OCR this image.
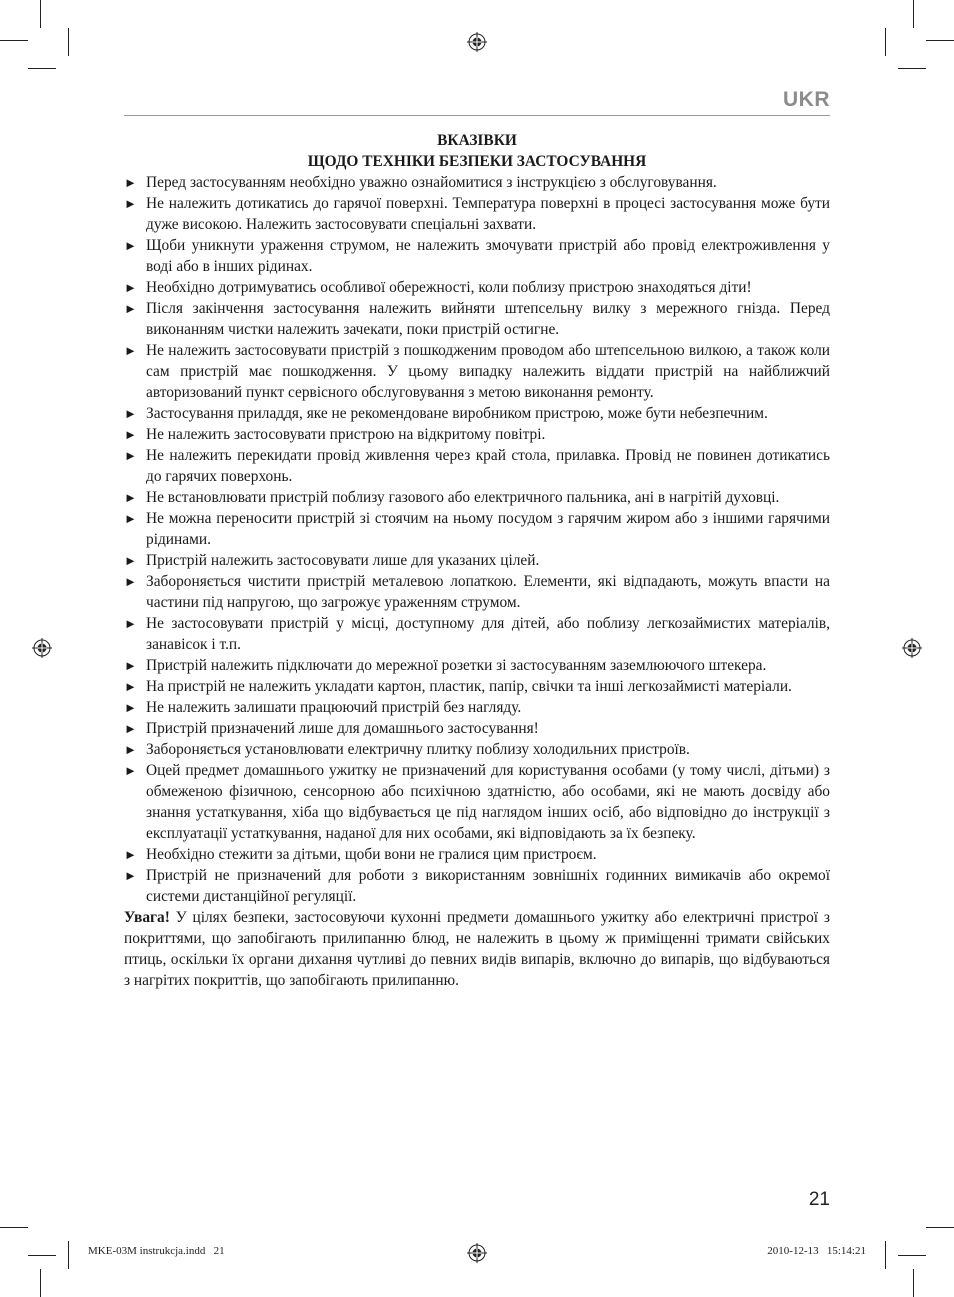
UKR
ВКАЗІВКИ
ЩОДО ТЕХНІКИ БЕЗПЕКИ ЗАСТОСУВАННЯ
► Перед застосуванням необхідно уважно ознайомитися з інструкцією з обслуговування.
► Не належить дотикатись до гарячої поверхні. Температура поверхні в процесі застосування може бути дуже високою. Належить застосовувати спеціальні захвати.
► Щоби уникнути ураження струмом, не належить змочувати пристрій або провід електроживлення у воді або в інших рідинах.
► Необхідно дотримуватись особливої обережності, коли поблизу пристрою знаходяться діти!
► Після закінчення застосування належить вийняти штепсельну вилку з мережного гнізда. Перед виконанням чистки належить зачекати, поки пристрій остигне.
► Не належить застосовувати пристрій з пошкодженим проводом або штепсельною вилкою, а також коли сам пристрій має пошкодження. У цьому випадку належить віддати пристрій на найближчий авторизований пункт сервісного обслуговування з метою виконання ремонту.
► Застосування приладдя, яке не рекомендоване виробником пристрою, може бути небезпечним.
► Не належить застосовувати пристрою на відкритому повітрі.
► Не належить перекидати провід живлення через край стола, прилавка. Провід не повинен дотикатись до гарячих поверхонь.
► Не встановлювати пристрій поблизу газового або електричного пальника, ані в нагрітій духовці.
► Не можна переносити пристрій зі стоячим на ньому посудом з гарячим жиром або з іншими гарячими рідинами.
► Пристрій належить застосовувати лише для указаних цілей.
► Забороняється чистити пристрій металевою лопаткою. Елементи, які відпадають, можуть впасти на частини під напругою, що загрожує ураженням струмом.
► Не застосовувати пристрій у місці, доступному для дітей, або поблизу легкозаймистих матеріалів, занавісок і т.п.
► Пристрій належить підключати до мережної розетки зі застосуванням заземлюючого штекера.
► На пристрій не належить укладати картон, пластик, папір, свічки та інші легкозаймисті матеріали.
► Не належить залишати працюючий пристрій без нагляду.
► Пристрій призначений лише для домашнього застосування!
► Забороняється установлювати електричну плитку поблизу холодильних пристроїв.
► Оцей предмет домашнього ужитку не призначений для користування особами (у тому числі, дітьми) з обмеженою фізичною, сенсорною або психічною здатністю, або особами, які не мають досвіду або знання устаткування, хіба що відбувається це під наглядом інших осіб, або відповідно до інструкції з експлуатації устаткування, наданої для них особами, які відповідають за їх безпеку.
► Необхідно стежити за дітьми, щоби вони не гралися цим пристроєм.
► Пристрій не призначений для роботи з використанням зовнішніх годинних вимикачів або окремої системи дистанційної регуляції.

Увага! У цілях безпеки, застосовуючи кухонні предмети домашнього ужитку або електричні пристрої з покриттями, що запобігають прилипанню блюд, не належить в цьому ж приміщенні тримати свійських птиць, оскільки їх органи дихання чутливі до певних видів випарів, включно до випарів, що відбуваються з нагрітих покриттів, що запобігають прилипанню.

21
MKE-03M instrukcja.indd   21	2010-12-13   15:14:21
